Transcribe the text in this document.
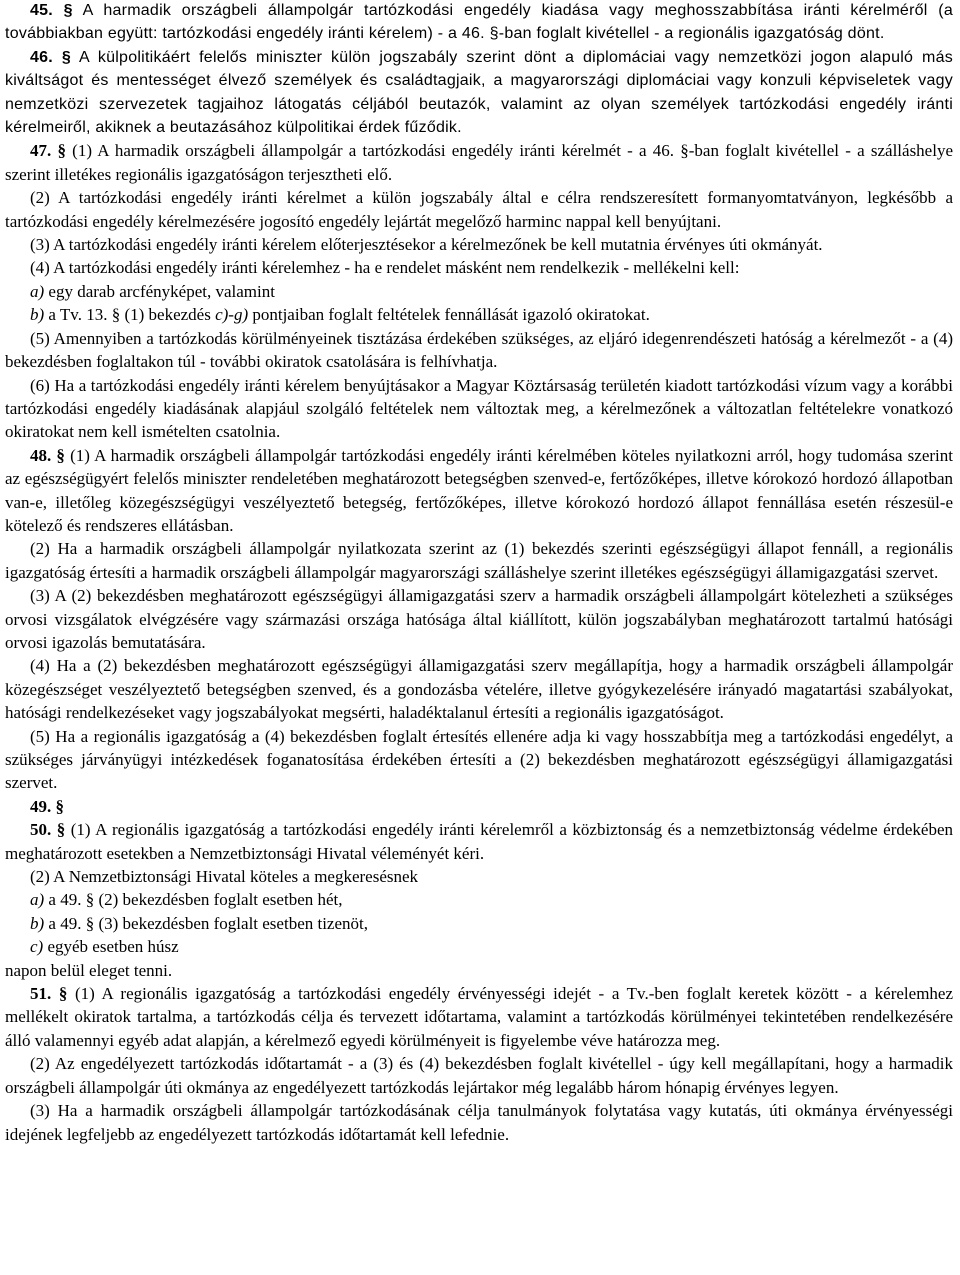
45. § A harmadik országbeli állampolgár tartózkodási engedély kiadása vagy meghosszabbítása iránti kérelméről (a továbbiakban együtt: tartózkodási engedély iránti kérelem) - a 46. §-ban foglalt kivétellel - a regionális igazgatóság dönt.

46. § A külpolitikáért felelős miniszter külön jogszabály szerint dönt a diplomáciai vagy nemzetközi jogon alapuló más kiváltságot és mentességet élvező személyek és családtagjaik, a magyarországi diplomáciai vagy konzuli képviseletek vagy nemzetközi szervezetek tagjaihoz látogatás céljából beutazók, valamint az olyan személyek tartózkodási engedély iránti kérelmeiről, akiknek a beutazásához külpolitikai érdek fűződik.

47. § (1) A harmadik országbeli állampolgár a tartózkodási engedély iránti kérelmét - a 46. §-ban foglalt kivétellel - a szálláshelye szerint illetékes regionális igazgatóságon terjesztheti elő.

(2) A tartózkodási engedély iránti kérelmet a külön jogszabály által e célra rendszeresített formanyomtatványon, legkésőbb a tartózkodási engedély kérelmezésére jogosító engedély lejártát megelőző harminc nappal kell benyújtani.

(3) A tartózkodási engedély iránti kérelem előterjesztésekor a kérelmezőnek be kell mutatnia érvényes úti okmányát.

(4) A tartózkodási engedély iránti kérelemhez - ha e rendelet másként nem rendelkezik - mellékelni kell:

a) egy darab arcfényképet, valamint

b) a Tv. 13. § (1) bekezdés c)-g) pontjaiban foglalt feltételek fennállását igazoló okiratokat.

(5) Amennyiben a tartózkodás körülményeinek tisztázása érdekében szükséges, az eljáró idegenrendészeti hatóság a kérelmezőt - a (4) bekezdésben foglaltakon túl - további okiratok csatolására is felhívhatja.

(6) Ha a tartózkodási engedély iránti kérelem benyújtásakor a Magyar Köztársaság területén kiadott tartózkodási vízum vagy a korábbi tartózkodási engedély kiadásának alapjául szolgáló feltételek nem változtak meg, a kérelmezőnek a változatlan feltételekre vonatkozó okiratokat nem kell ismételten csatolnia.

48. § (1) A harmadik országbeli állampolgár tartózkodási engedély iránti kérelmében köteles nyilatkozni arról, hogy tudomása szerint az egészségügyért felelős miniszter rendeletében meghatározott betegségben szenved-e, fertőzőképes, illetve kórokozó hordozó állapotban van-e, illetőleg közegészségügyi veszélyeztető betegség, fertőzőképes, illetve kórokozó hordozó állapot fennállása esetén részesül-e kötelező és rendszeres ellátásban.

(2) Ha a harmadik országbeli állampolgár nyilatkozata szerint az (1) bekezdés szerinti egészségügyi állapot fennáll, a regionális igazgatóság értesíti a harmadik országbeli állampolgár magyarországi szálláshelye szerint illetékes egészségügyi államigazgatási szervet.

(3) A (2) bekezdésben meghatározott egészségügyi államigazgatási szerv a harmadik országbeli állampolgárt kötelezheti a szükséges orvosi vizsgálatok elvégzésére vagy származási országa hatósága által kiállított, külön jogszabályban meghatározott tartalmú hatósági orvosi igazolás bemutatására.

(4) Ha a (2) bekezdésben meghatározott egészségügyi államigazgatási szerv megállapítja, hogy a harmadik országbeli állampolgár közegészséget veszélyeztető betegségben szenved, és a gondozásba vételére, illetve gyógykezelésére irányadó magatartási szabályokat, hatósági rendelkezéseket vagy jogszabályokat megsérti, haladéktalanul értesíti a regionális igazgatóságot.

(5) Ha a regionális igazgatóság a (4) bekezdésben foglalt értesítés ellenére adja ki vagy hosszabbítja meg a tartózkodási engedélyt, a szükséges járványügyi intézkedések foganatosítása érdekében értesíti a (2) bekezdésben meghatározott egészségügyi államigazgatási szervet.

49. §

50. § (1) A regionális igazgatóság a tartózkodási engedély iránti kérelemről a közbiztonság és a nemzetbiztonság védelme érdekében meghatározott esetekben a Nemzetbiztonsági Hivatal véleményét kéri.

(2) A Nemzetbiztonsági Hivatal köteles a megkeresésnek

a) a 49. § (2) bekezdésben foglalt esetben hét,

b) a 49. § (3) bekezdésben foglalt esetben tizenöt,

c) egyéb esetben húsz

napon belül eleget tenni.

51. § (1) A regionális igazgatóság a tartózkodási engedély érvényességi idejét - a Tv.-ben foglalt keretek között - a kérelemhez mellékelt okiratok tartalma, a tartózkodás célja és tervezett időtartama, valamint a tartózkodás körülményei tekintetében rendelkezésére álló valamennyi egyéb adat alapján, a kérelmező egyedi körülményeit is figyelembe véve határozza meg.

(2) Az engedélyezett tartózkodás időtartamát - a (3) és (4) bekezdésben foglalt kivétellel - úgy kell megállapítani, hogy a harmadik országbeli állampolgár úti okmánya az engedélyezett tartózkodás lejártakor még legalább három hónapig érvényes legyen.

(3) Ha a harmadik országbeli állampolgár tartózkodásának célja tanulmányok folytatása vagy kutatás, úti okmánya érvényességi idejének legfeljebb az engedélyezett tartózkodás időtartamát kell lefednie.
